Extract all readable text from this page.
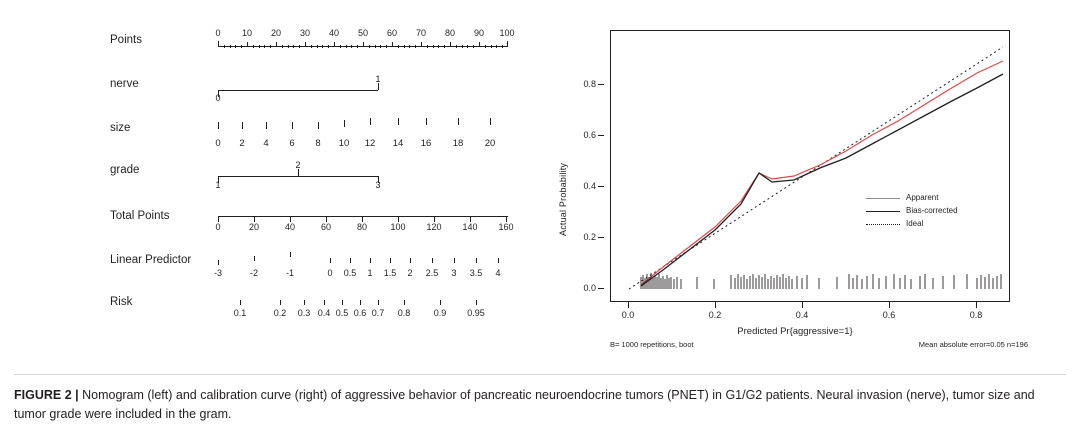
Points
0 10 20 30 40 50 60 70 80 90 100
nerve
0
1
size
0 2 4 6 8 10 12 14 16 18 20
grade
1
2
3
Total Points
0	20	40	60	80	100 120 140 160
Linear Predictor
-3	-2	-1	0 0.5 1 1.5 2 2.5 3 3.5 4
Risk
0.1	0.2 0.3 0.4 0.5 0.6 0.7 0.8	0.9 0.95
Actual Probability
0.0
0.2
0.4
0.6
0.8
0.0	0.2	0.4	0.6	0.8
Apparent
Bias-corrected
Ideal
Predicted Pr{aggressive=1}
B= 1000 repetitions, boot	Mean absolute error=0.05 n=196
FIGURE 2 | Nomogram (left) and calibration curve (right) of aggressive behavior of pancreatic neuroendocrine tumors (PNET) in G1/G2 patients. Neural invasion (nerve), tumor size and tumor grade were included in the gram.
